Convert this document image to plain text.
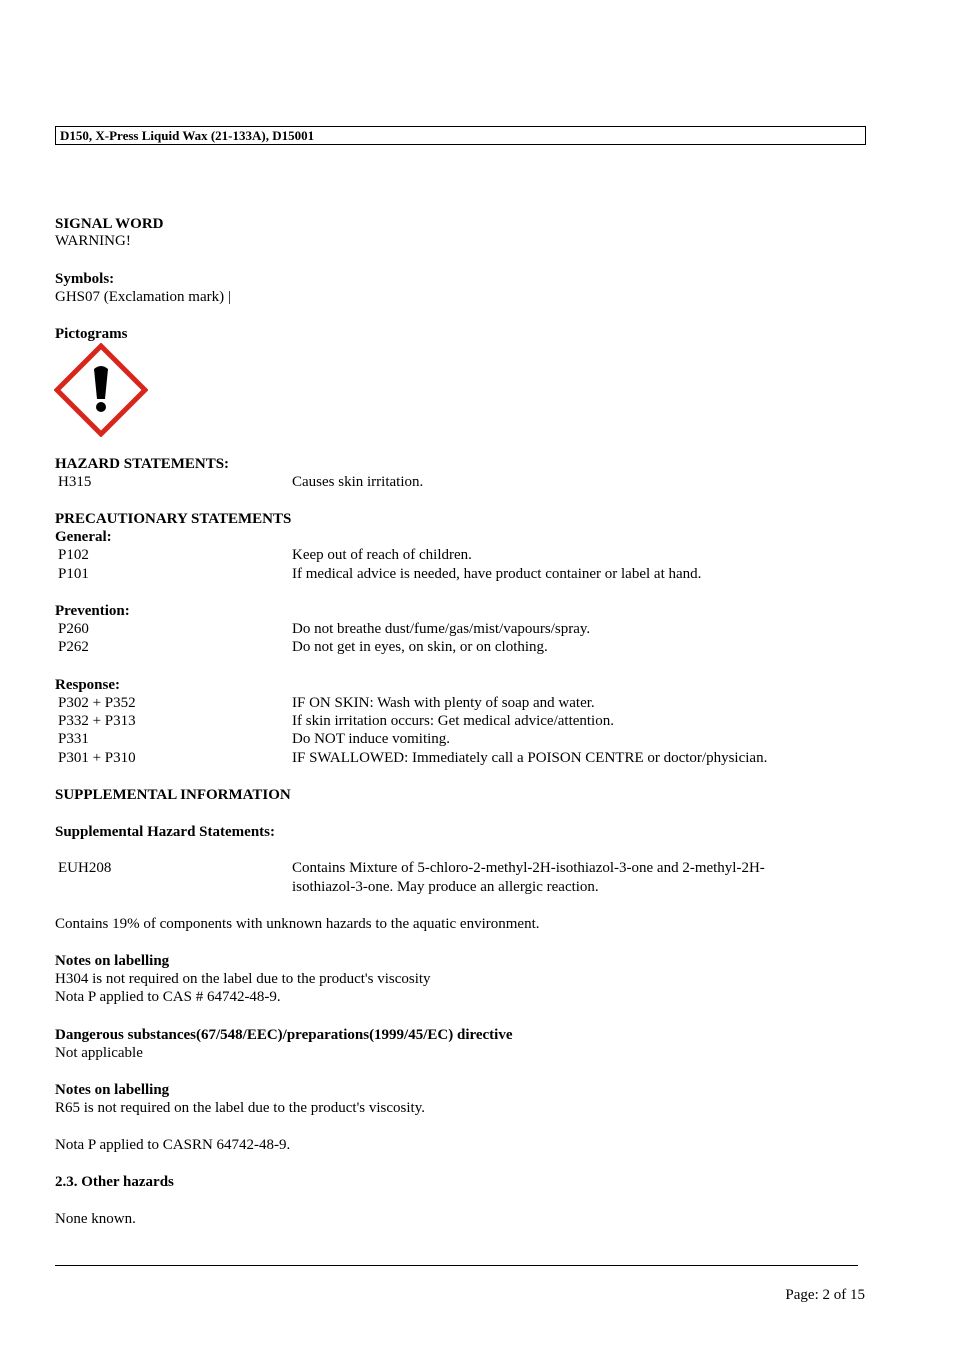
D150, X-Press Liquid Wax (21-133A), D15001
SIGNAL WORD
WARNING!
Symbols:
GHS07 (Exclamation mark) |
Pictograms
HAZARD STATEMENTS:
H315	Causes skin irritation.
PRECAUTIONARY STATEMENTS
General:
P102	Keep out of reach of children.
P101	If medical advice is needed, have product container or label at hand.
Prevention:
P260	Do not breathe dust/fume/gas/mist/vapours/spray.
P262	Do not get in eyes, on skin, or on clothing.
Response:
P302 + P352	IF ON SKIN: Wash with plenty of soap and water.
P332 + P313	If skin irritation occurs: Get medical advice/attention.
P331	Do NOT induce vomiting.
P301 + P310	IF SWALLOWED: Immediately call a POISON CENTRE or doctor/physician.
SUPPLEMENTAL INFORMATION
Supplemental Hazard Statements:
EUH208	Contains Mixture of 5-chloro-2-methyl-2H-isothiazol-3-one and 2-methyl-2H-
isothiazol-3-one. May produce an allergic reaction.
Contains 19% of components with unknown hazards to the aquatic environment.
Notes on labelling
H304 is not required on the label due to the product's viscosity
Nota P applied to CAS # 64742-48-9.
Dangerous substances(67/548/EEC)/preparations(1999/45/EC) directive
Not applicable
Notes on labelling
R65 is not required on the label due to the product's viscosity.
Nota P applied to CASRN 64742-48-9.
2.3. Other hazards
None known.
Page: 2 of 15
